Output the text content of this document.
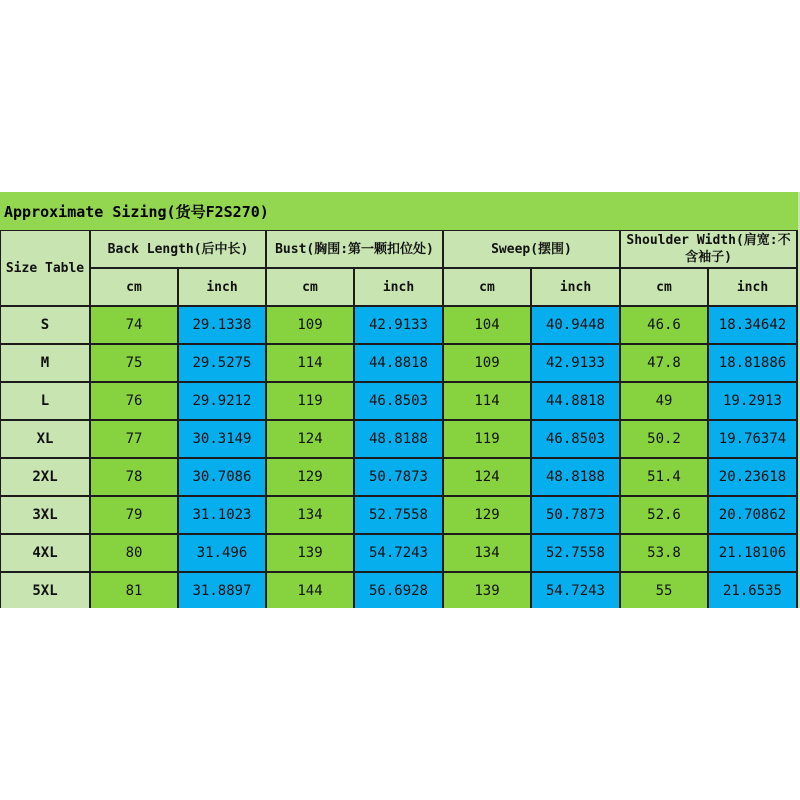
Approximate Sizing(货号F2S270)
Size Table
Back Length(后中长)	Bust(胸围:第一颗扣位处)	Sweep(摆围)
Shoulder Width(肩宽:不含袖子)
cm	inch	cm	inch	cm	inch	cm	inch
S	74	29.1338	109	42.9133	104	40.9448	46.6	18.34642
M	75	29.5275	114	44.8818	109	42.9133	47.8	18.81886
L	76	29.9212	119	46.8503	114	44.8818	49	19.2913
XL	77	30.3149	124	48.8188	119	46.8503	50.2	19.76374
2XL	78	30.7086	129	50.7873	124	48.8188	51.4	20.23618
3XL	79	31.1023	134	52.7558	129	50.7873	52.6	20.70862
4XL	80	31.496	139	54.7243	134	52.7558	53.8	21.18106
5XL	81	31.8897	144	56.6928	139	54.7243	55	21.6535
